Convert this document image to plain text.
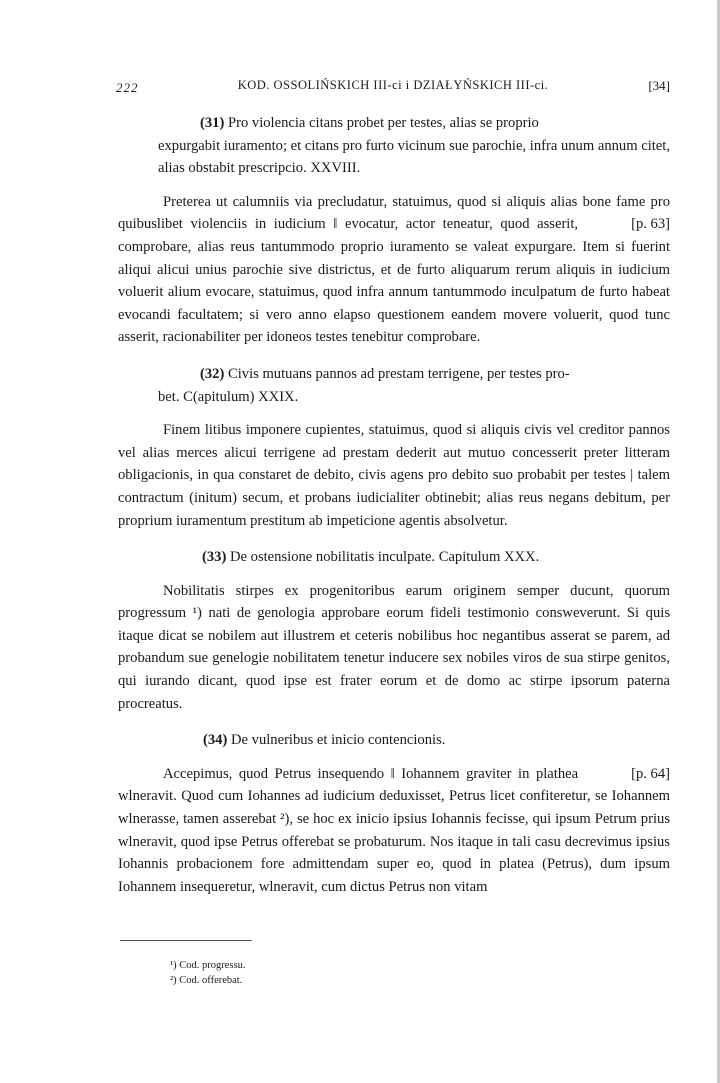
222	KOD. OSSOLIŃSKICH III-ci i DZIAŁYŃSKICH III-ci.	[34]

(31) Pro violencia citans probet per testes, alias se proprio

expurgabit iuramento; et citans pro furto vicinum sue parochie, infra unum annum citet, alias obstabit prescripcio. XXVIII.

Preterea ut calumniis via precludatur, statuimus, quod si aliquis alias bone fame pro quibuslibet violenciis in iudicium ‖ evocatur, actor	[p. 63]
teneatur, quod asserit, comprobare, alias reus tantummodo proprio iuramento se valeat expurgare. Item si fuerint aliqui alicui unius parochie sive districtus, et de furto aliquarum rerum aliquis in iudicium voluerit alium evocare, statuimus, quod infra annum tantummodo inculpatum de furto habeat evocandi facultatem; si vero anno elapso questionem eandem movere voluerit, quod tunc asserit, racionabiliter per idoneos testes tenebitur comprobare.

(32) Civis mutuans pannos ad prestam terrigene, per testes pro-

bet. C(apitulum) XXIX.

Finem litibus imponere cupientes, statuimus, quod si aliquis civis vel creditor pannos vel alias merces alicui terrigene ad prestam dederit aut mutuo concesserit preter litteram obligacionis, in qua constaret de debito, civis agens pro debito suo probabit per testes | talem contractum (initum) secum, et probans iudicialiter obtinebit; alias reus negans debitum, per proprium iuramentum prestitum ab impeticione agentis absolvetur.

(33) De ostensione nobilitatis inculpate. Capitulum XXX.

Nobilitatis stirpes ex progenitoribus earum originem semper ducunt, quorum progressum ¹) nati de genologia approbare eorum fideli testimonio consweverunt. Si quis itaque dicat se nobilem aut illustrem et ceteris nobilibus hoc negantibus asserat se parem, ad probandum sue genelogie nobilitatem tenetur inducere sex nobiles viros de sua stirpe genitos, qui iurando dicant, quod ipse est frater eorum et de domo ac stirpe ipsorum paterna procreatus.

(34) De vulneribus et inicio contencionis.

Accepimus, quod Petrus insequendo ‖ Iohannem graviter in	[p. 64]
plathea wlneravit. Quod cum Iohannes ad iudicium deduxisset, Petrus licet confiteretur, se Iohannem wlnerasse, tamen asserebat ²), se hoc ex inicio ipsius Iohannis fecisse, qui ipsum Petrum prius wlneravit, quod ipse Petrus offerebat se probaturum. Nos itaque in tali casu decrevimus ipsius Iohannis probacionem fore admittendam super eo, quod in platea (Petrus), dum ipsum Iohannem insequeretur, wlneravit, cum dictus Petrus non vitam

¹) Cod. progressu.
²) Cod. offerebat.
